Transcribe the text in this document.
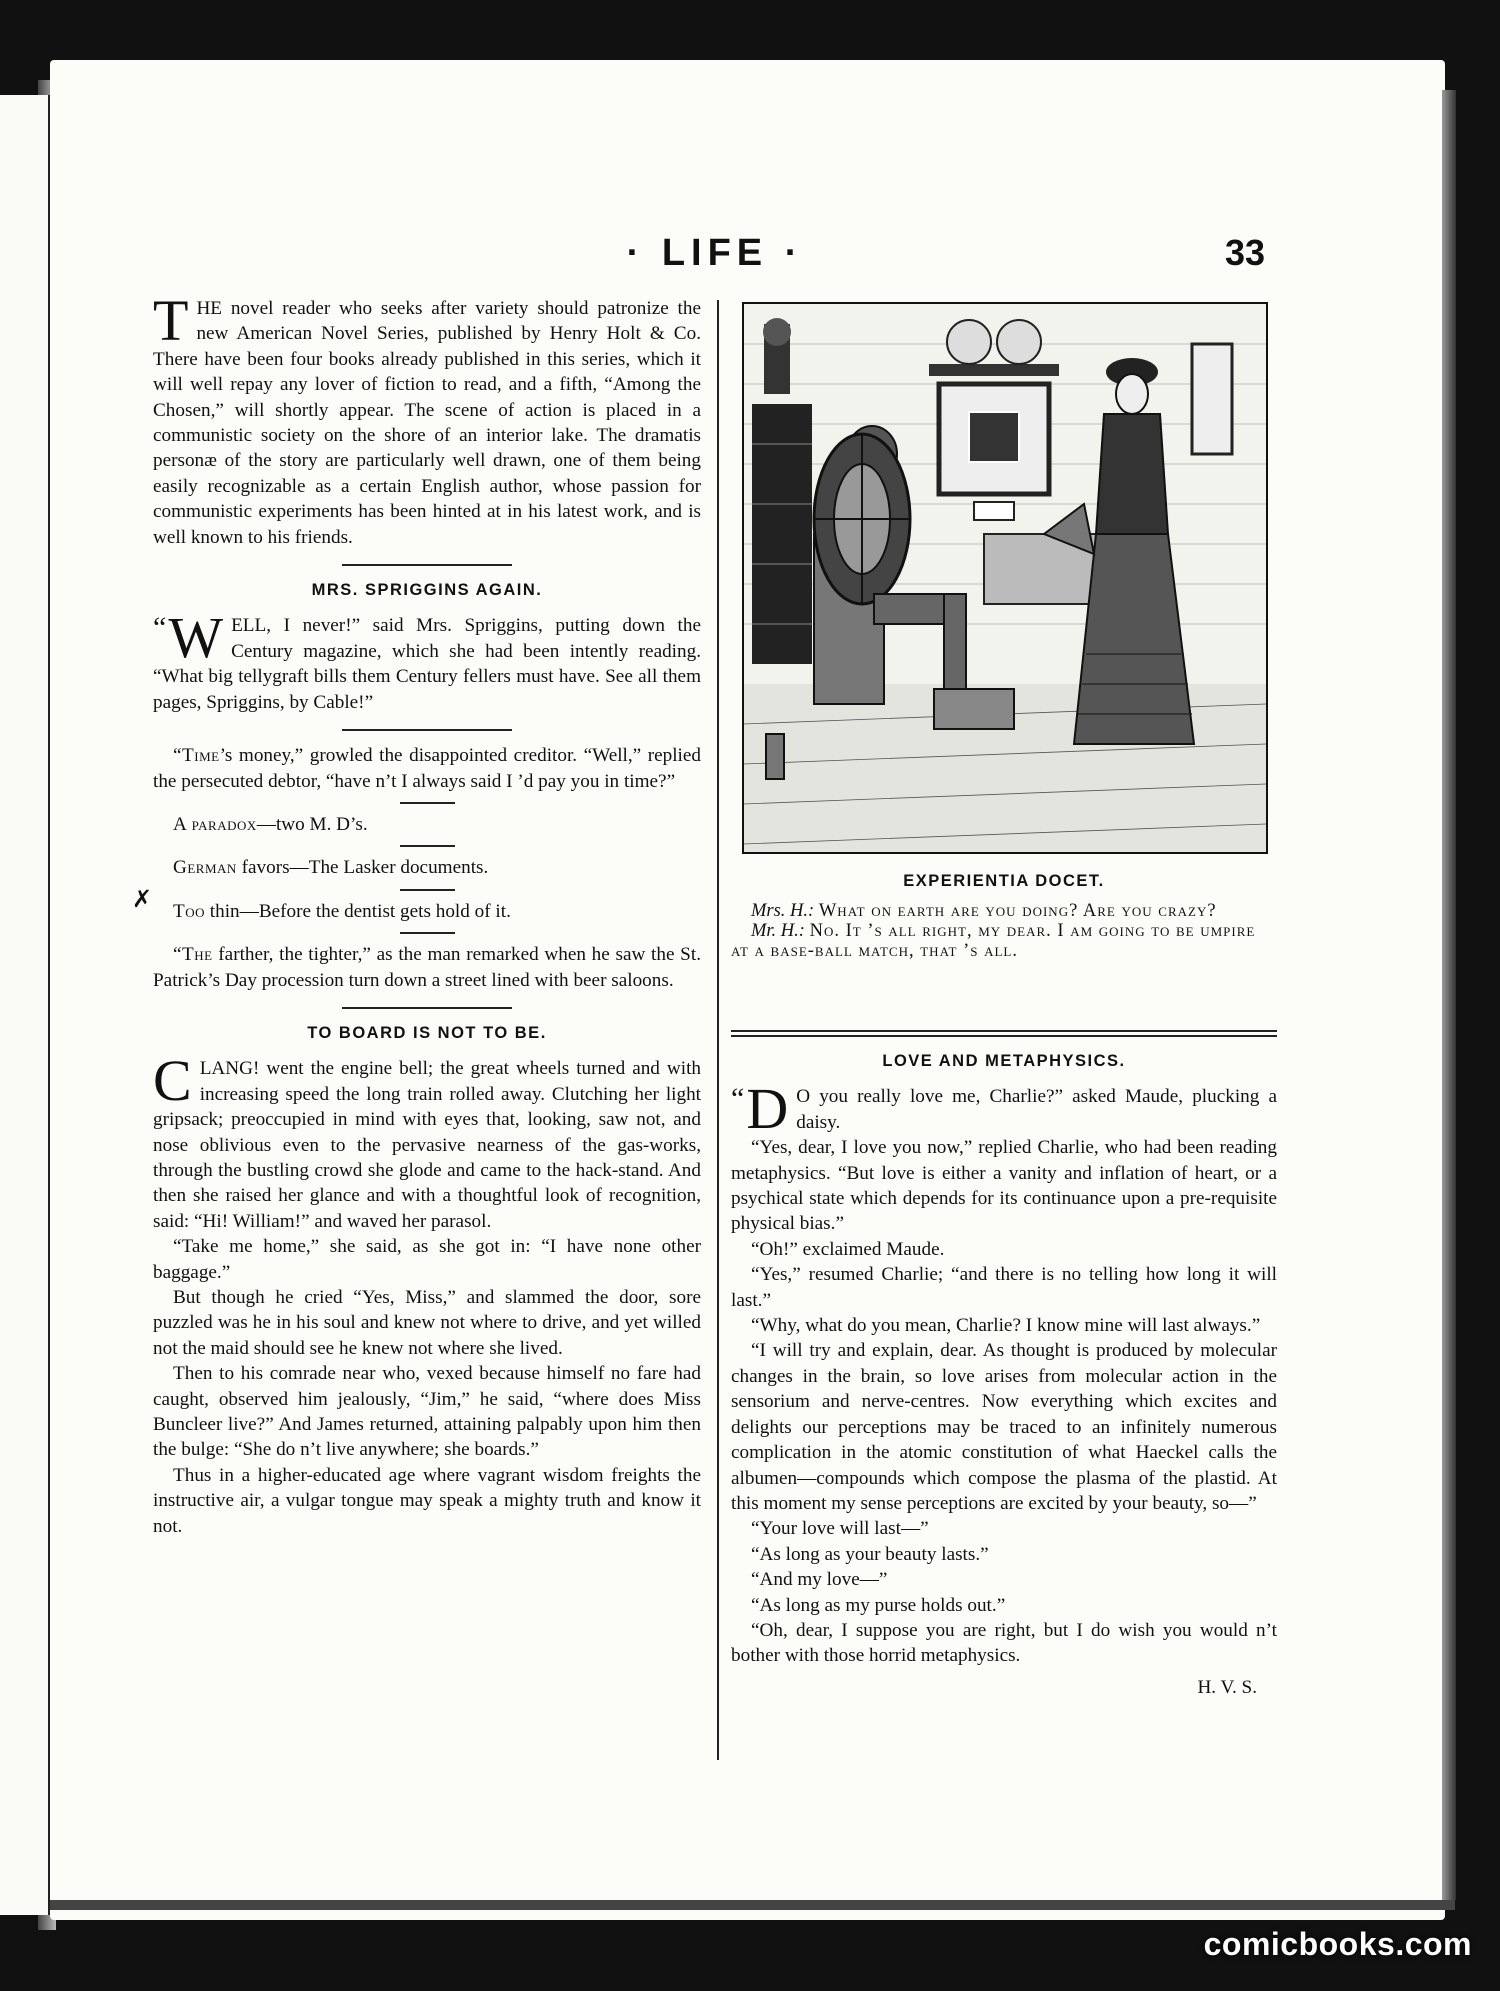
· LIFE ·	33
✗

T HE novel reader who seeks after variety should patronize the new American Novel Series, published by Henry Holt & Co. There have been four books already published in this series, which it will well repay any lover of fiction to read, and a fifth, “Among the Chosen,” will shortly appear. The scene of action is placed in a communistic society on the shore of an interior lake. The dramatis personæ of the story are particularly well drawn, one of them being easily recognizable as a certain English author, whose passion for communistic experiments has been hinted at in his latest work, and is well known to his friends.

MRS. SPRIGGINS AGAIN.

“ W ELL, I never!” said Mrs. Spriggins, putting down the Century magazine, which she had been intently reading. “What big tellygraft bills them Century fellers must have. See all them pages, Spriggins, by Cable!”

“Time’s money,” growled the disappointed creditor. “Well,” replied the persecuted debtor, “have n’t I always said I ’d pay you in time?”

A paradox—two M. D’s.

German favors—The Lasker documents.

Too thin—Before the dentist gets hold of it.

“The farther, the tighter,” as the man remarked when he saw the St. Patrick’s Day procession turn down a street lined with beer saloons.

TO BOARD IS NOT TO BE.

C LANG! went the engine bell; the great wheels turned and with increasing speed the long train rolled away. Clutching her light gripsack; preoccupied in mind with eyes that, looking, saw not, and nose oblivious even to the pervasive nearness of the gas-works, through the bustling crowd she glode and came to the hack-stand. And then she raised her glance and with a thoughtful look of recognition, said: “Hi! William!” and waved her parasol.

“Take me home,” she said, as she got in: “I have none other baggage.”

But though he cried “Yes, Miss,” and slammed the door, sore puzzled was he in his soul and knew not where to drive, and yet willed not the maid should see he knew not where she lived.

Then to his comrade near who, vexed because himself no fare had caught, observed him jealously, “Jim,” he said, “where does Miss Buncleer live?” And James returned, attaining palpably upon him then the bulge: “She do n’t live anywhere; she boards.”

Thus in a higher-educated age where vagrant wisdom freights the instructive air, a vulgar tongue may speak a mighty truth and know it not.

EXPERIENTIA DOCET.

Mrs. H.: What on earth are you doing? Are you crazy?

Mr. H.: No. It ’s all right, my dear. I am going to be umpire at a base-ball match, that ’s all.

LOVE AND METAPHYSICS.

“ D O you really love me, Charlie?” asked Maude, plucking a daisy.

“Yes, dear, I love you now,” replied Charlie, who had been reading metaphysics. “But love is either a vanity and inflation of heart, or a psychical state which depends for its continuance upon a pre-requisite physical bias.”

“Oh!” exclaimed Maude.

“Yes,” resumed Charlie; “and there is no telling how long it will last.”

“Why, what do you mean, Charlie? I know mine will last always.”

“I will try and explain, dear. As thought is produced by molecular changes in the brain, so love arises from molecular action in the sensorium and nerve-centres. Now everything which excites and delights our perceptions may be traced to an infinitely numerous complication in the atomic constitution of what Haeckel calls the albumen—compounds which compose the plasma of the plastid. At this moment my sense perceptions are excited by your beauty, so—”

“Your love will last—”

“As long as your beauty lasts.”

“And my love—”

“As long as my purse holds out.”

“Oh, dear, I suppose you are right, but I do wish you would n’t bother with those horrid metaphysics.

H. V. S.

comicbooks.com
